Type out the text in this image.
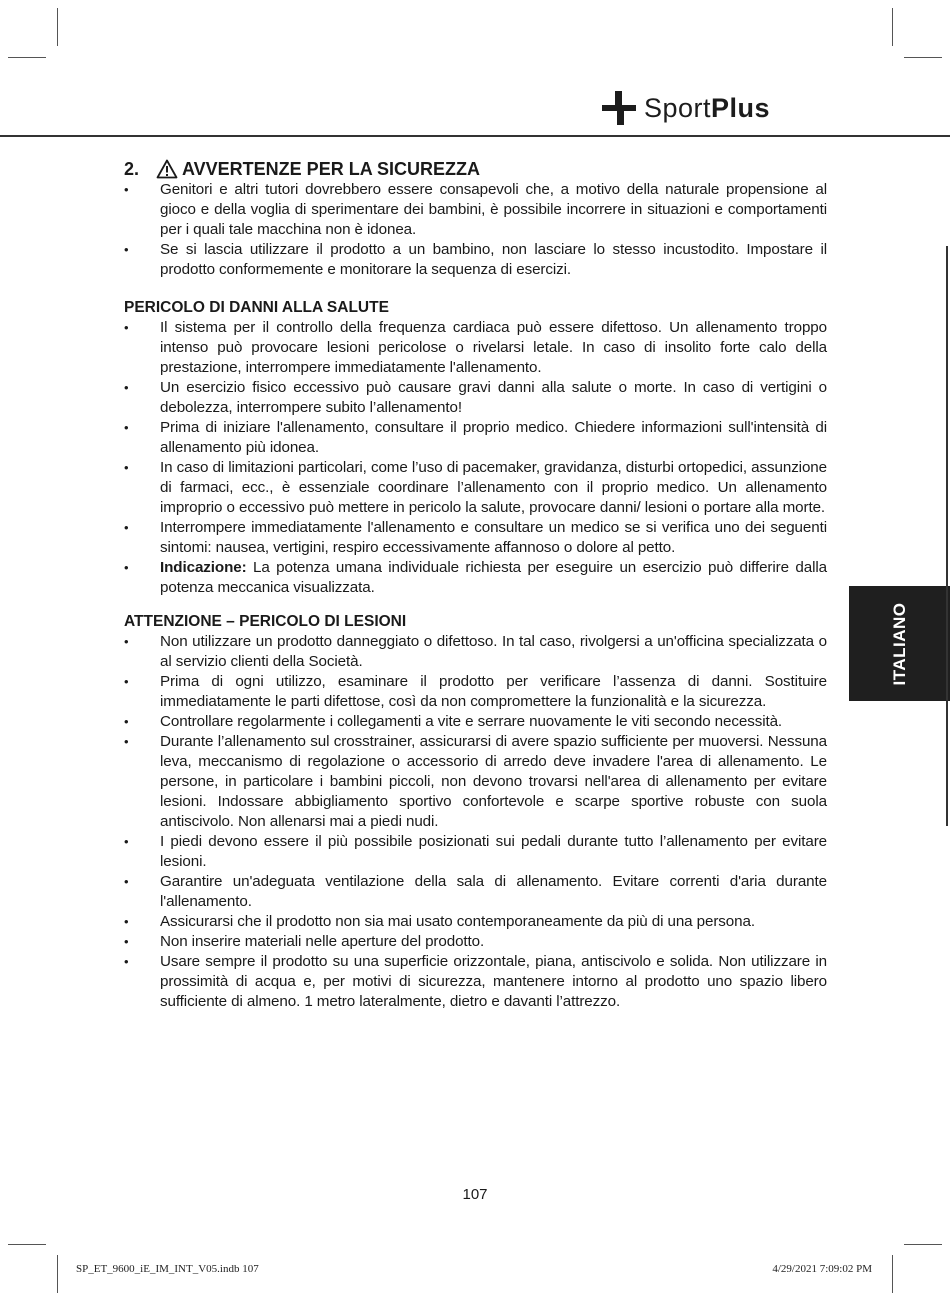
SportPlus
ITALIANO
2.	AVVERTENZE PER LA SICUREZZA
• Genitori e altri tutori dovrebbero essere consapevoli che, a motivo della naturale propensione al gioco e della voglia di sperimentare dei bambini, è possibile incorrere in situazioni e comportamenti per i quali tale macchina non è idonea.
• Se si lascia utilizzare il prodotto a un bambino, non lasciare lo stesso incustodito. Impostare il prodotto conformemente e monitorare la sequenza di esercizi.
PERICOLO DI DANNI ALLA SALUTE
• Il sistema per il controllo della frequenza cardiaca può essere difettoso. Un allenamento troppo intenso può provocare lesioni pericolose o rivelarsi letale. In caso di insolito forte calo della prestazione, interrompere immediatamente l'allenamento.
• Un esercizio fisico eccessivo può causare gravi danni alla salute o morte. In caso di vertigini o debolezza, interrompere subito l’allenamento!
• Prima di iniziare l'allenamento, consultare il proprio medico. Chiedere informazioni sull'intensità di allenamento più idonea.
• In caso di limitazioni particolari, come l’uso di pacemaker, gravidanza, disturbi ortopedici, assunzione di farmaci, ecc., è essenziale coordinare l’allenamento con il proprio medico. Un allenamento improprio o eccessivo può mettere in pericolo la salute, provocare danni/ lesioni o portare alla morte.
• Interrompere immediatamente l'allenamento e consultare un medico se si verifica uno dei seguenti sintomi: nausea, vertigini, respiro eccessivamente affannoso o dolore al petto.
• Indicazione: La potenza umana individuale richiesta per eseguire un esercizio può differire dalla potenza meccanica visualizzata.
ATTENZIONE – PERICOLO DI LESIONI
• Non utilizzare un prodotto danneggiato o difettoso. In tal caso, rivolgersi a un'officina specializzata o al servizio clienti della Società.
• Prima di ogni utilizzo, esaminare il prodotto per verificare l’assenza di danni. Sostituire immediatamente le parti difettose, così da non compromettere la funzionalità e la sicurezza.
• Controllare regolarmente i collegamenti a vite e serrare nuovamente le viti secondo necessità.
• Durante l’allenamento sul crosstrainer, assicurarsi di avere spazio sufficiente per muoversi. Nessuna leva, meccanismo di regolazione o accessorio di arredo deve invadere l'area di allenamento. Le persone, in particolare i bambini piccoli, non devono trovarsi nell'area di allenamento per evitare lesioni. Indossare abbigliamento sportivo confortevole e scarpe sportive robuste con suola antiscivolo. Non allenarsi mai a piedi nudi.
• I piedi devono essere il più possibile posizionati sui pedali durante tutto l’allenamento per evitare lesioni.
• Garantire un'adeguata ventilazione della sala di allenamento. Evitare correnti d'aria durante l'allenamento.
• Assicurarsi che il prodotto non sia mai usato contemporaneamente da più di una persona.
• Non inserire materiali nelle aperture del prodotto.
• Usare sempre il prodotto su una superficie orizzontale, piana, antiscivolo e solida. Non utilizzare in prossimità di acqua e, per motivi di sicurezza, mantenere intorno al prodotto uno spazio libero sufficiente di almeno. 1 metro lateralmente, dietro e davanti l’attrezzo.
107
SP_ET_9600_iE_IM_INT_V05.indb 107	4/29/2021 7:09:02 PM
